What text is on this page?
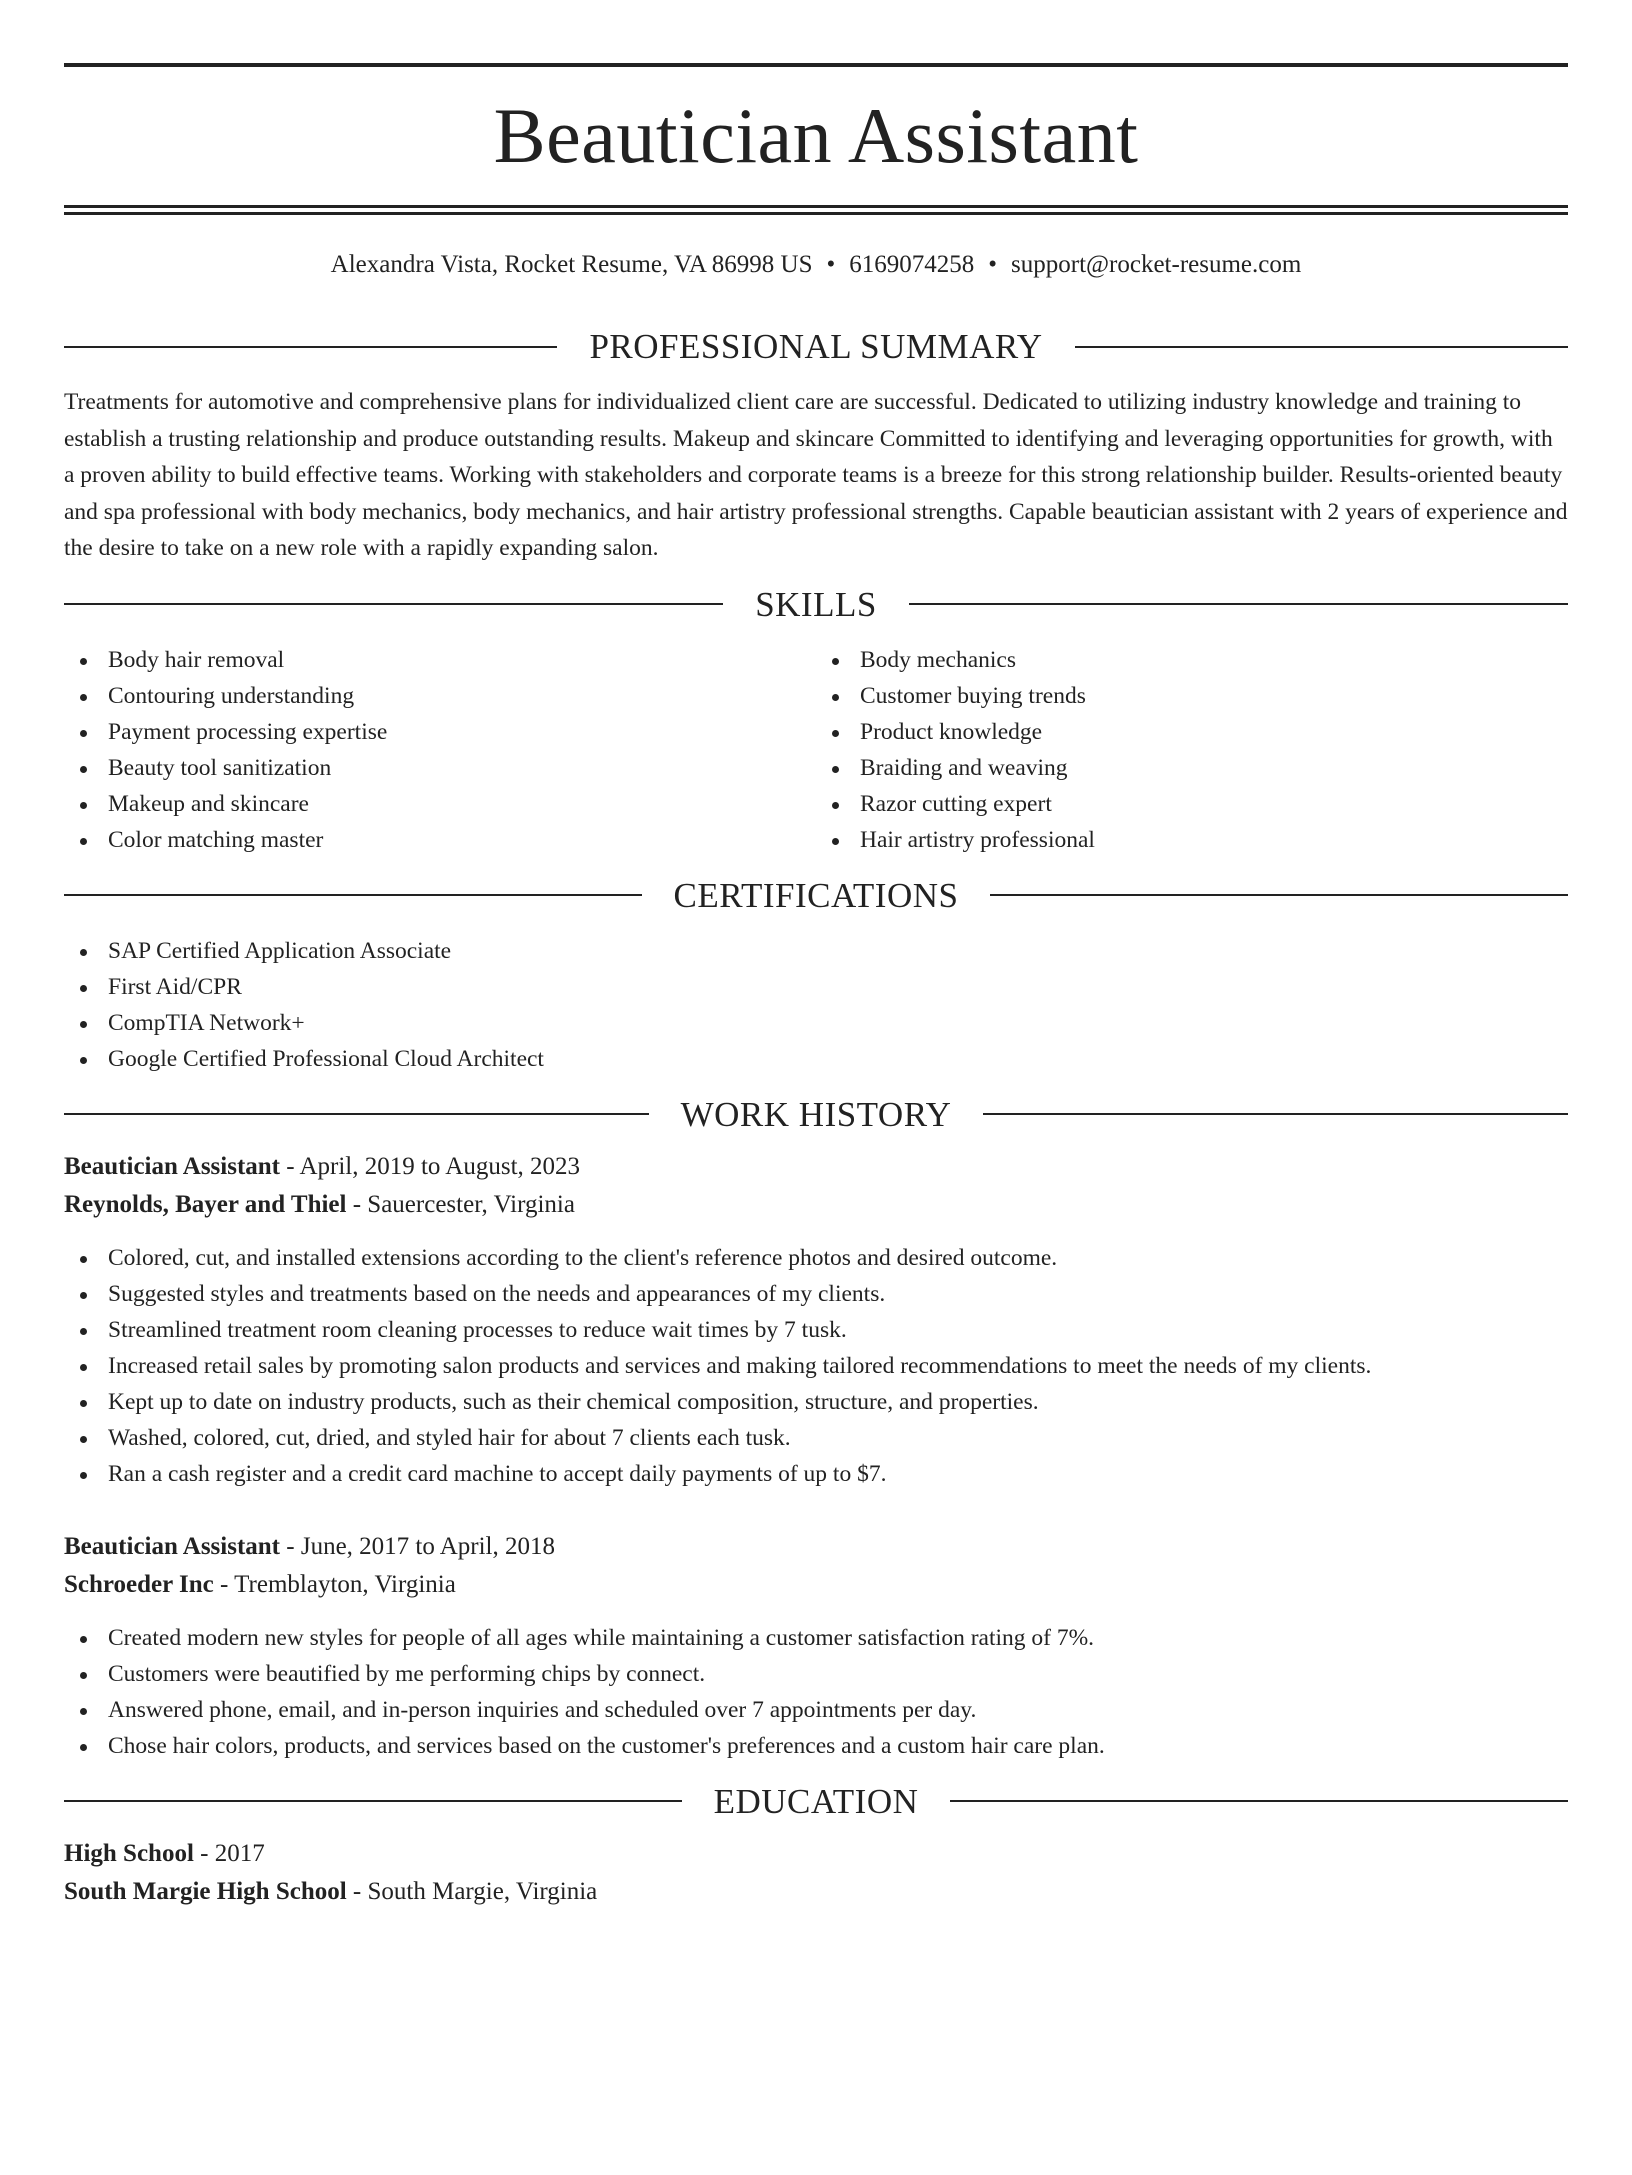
Beautician Assistant
Alexandra Vista, Rocket Resume, VA 86998 US • 6169074258 • support@rocket-resume.com
PROFESSIONAL SUMMARY

Treatments for automotive and comprehensive plans for individualized client care are successful. Dedicated to utilizing industry knowledge and training to establish a trusting relationship and produce outstanding results. Makeup and skincare Committed to identifying and leveraging opportunities for growth, with a proven ability to build effective teams. Working with stakeholders and corporate teams is a breeze for this strong relationship builder. Results-oriented beauty and spa professional with body mechanics, body mechanics, and hair artistry professional strengths. Capable beautician assistant with 2 years of experience and the desire to take on a new role with a rapidly expanding salon.

SKILLS
Body hair removal
Contouring understanding
Payment processing expertise
Beauty tool sanitization
Makeup and skincare
Color matching master
Body mechanics
Customer buying trends
Product knowledge
Braiding and weaving
Razor cutting expert
Hair artistry professional
CERTIFICATIONS
SAP Certified Application Associate
First Aid/CPR
CompTIA Network+
Google Certified Professional Cloud Architect
WORK HISTORY
Beautician Assistant - April, 2019 to August, 2023
Reynolds, Bayer and Thiel - Sauercester, Virginia
Colored, cut, and installed extensions according to the client's reference photos and desired outcome.
Suggested styles and treatments based on the needs and appearances of my clients.
Streamlined treatment room cleaning processes to reduce wait times by 7 tusk.
Increased retail sales by promoting salon products and services and making tailored recommendations to meet the needs of my clients.
Kept up to date on industry products, such as their chemical composition, structure, and properties.
Washed, colored, cut, dried, and styled hair for about 7 clients each tusk.
Ran a cash register and a credit card machine to accept daily payments of up to $7.
Beautician Assistant - June, 2017 to April, 2018
Schroeder Inc - Tremblayton, Virginia
Created modern new styles for people of all ages while maintaining a customer satisfaction rating of 7%.
Customers were beautified by me performing chips by connect.
Answered phone, email, and in-person inquiries and scheduled over 7 appointments per day.
Chose hair colors, products, and services based on the customer's preferences and a custom hair care plan.
EDUCATION
High School - 2017
South Margie High School - South Margie, Virginia
